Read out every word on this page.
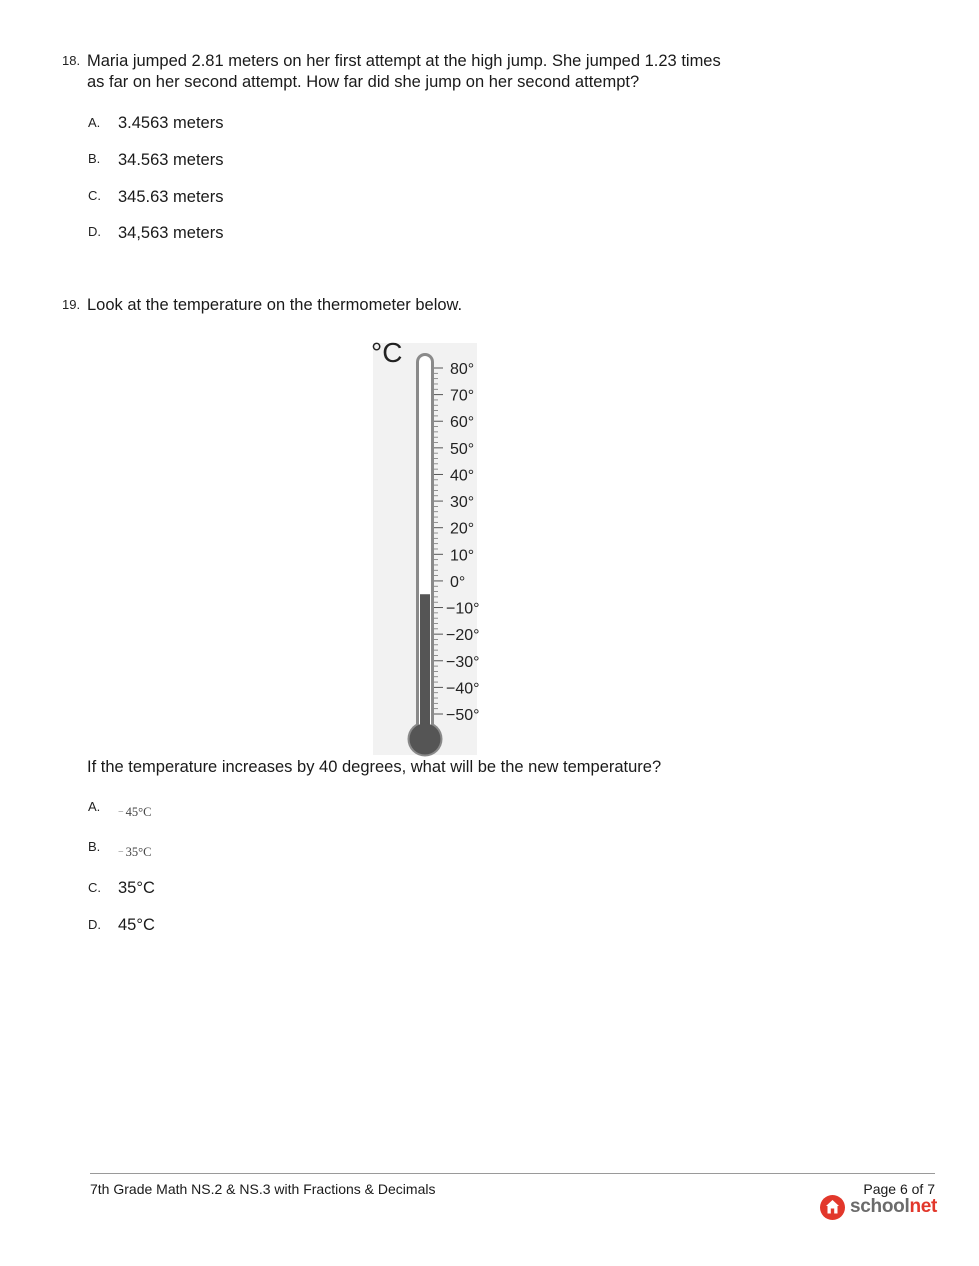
18. Maria jumped 2.81 meters on her first attempt at the high jump. She jumped 1.23 times
as far on her second attempt. How far did she jump on her second attempt?
A. 3.4563 meters
B. 34.563 meters
C. 345.63 meters
D. 34,563 meters
19. Look at the temperature on the thermometer below.
°C
80°
70°
60°
50°
40°
30°
20°
10°
0°
−10°
−20°
−30°
−40°
−50°
If the temperature increases by 40 degrees, what will be the new temperature?
A. − 45°C
B. − 35°C
C. 35°C
D. 45°C
7th Grade Math NS.2 & NS.3 with Fractions & Decimals	Page 6 of 7
schoolnet
